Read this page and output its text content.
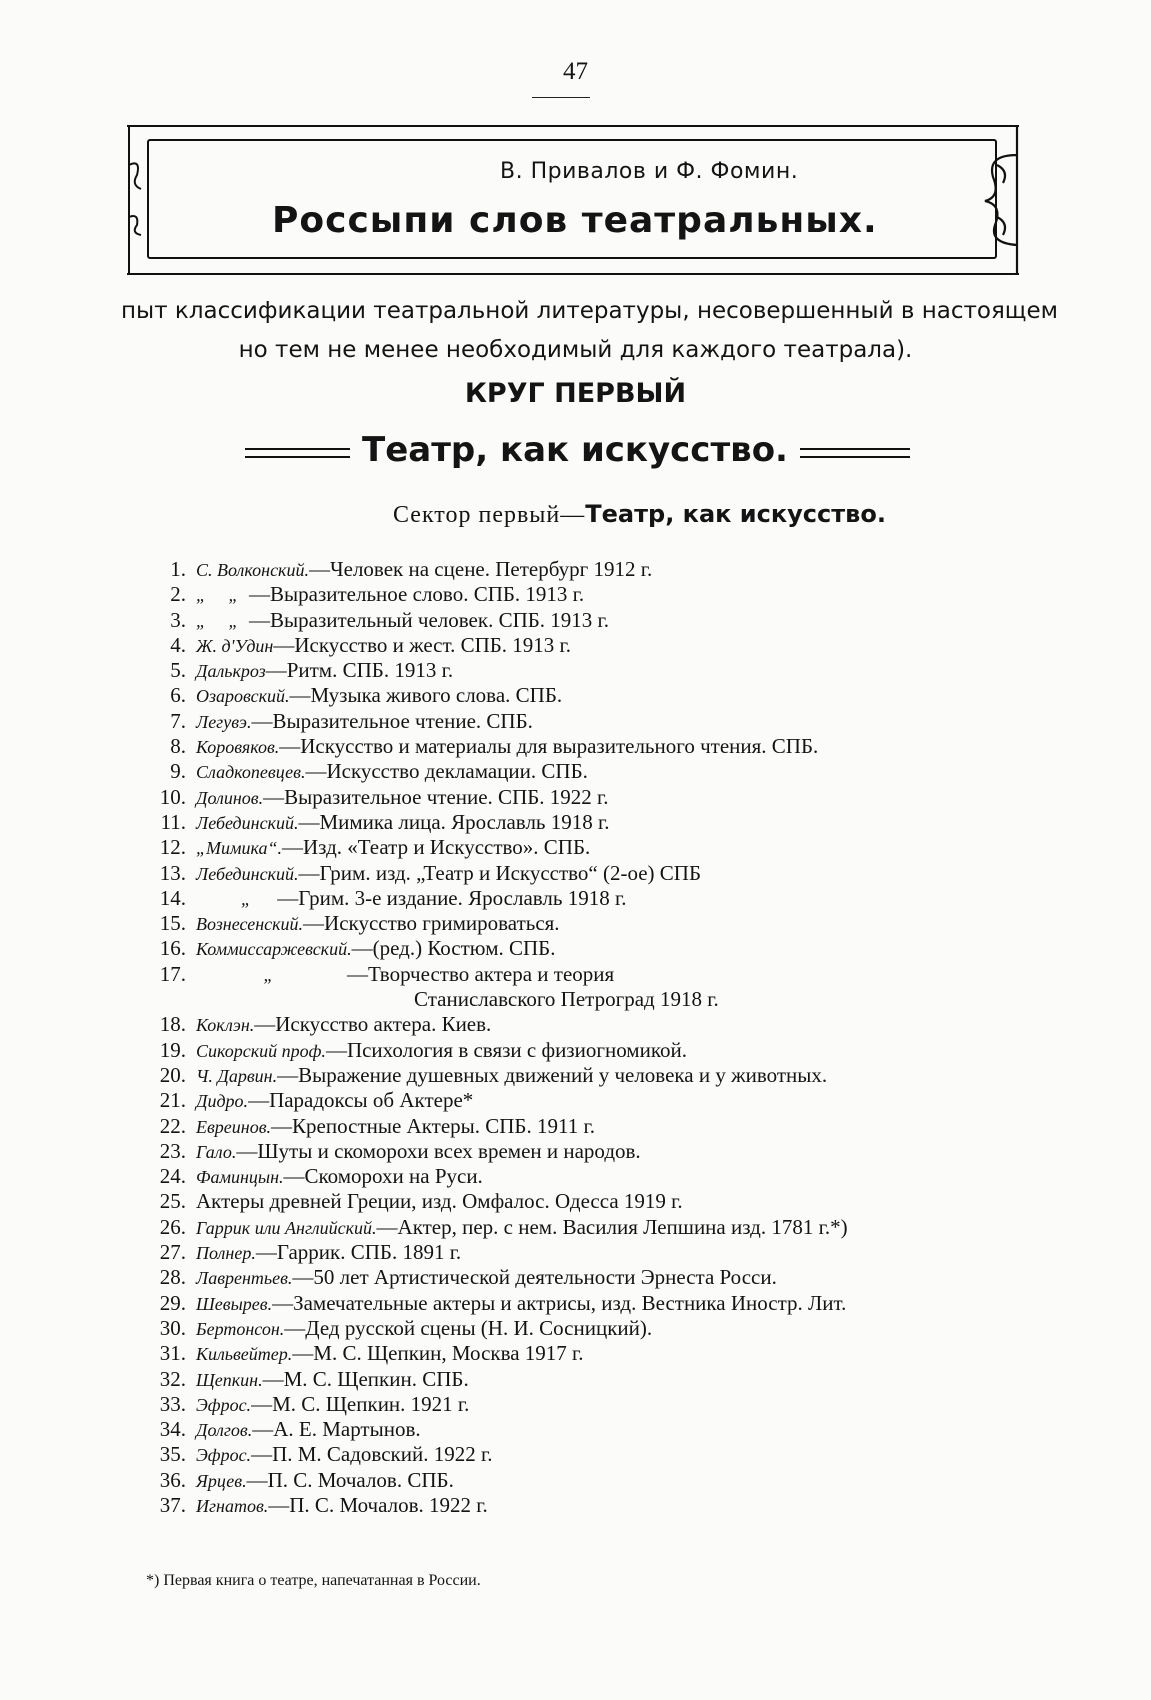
47
В. Привалов и Ф. Фомин.
Россыпи слов театральных.
пыт классификации театральной литературы, несовершенный в настоящем
но тем не менее необходимый для каждого театрала).
КРУГ ПЕРВЫЙ
Театр, как искусство.
Сектор первый—Театр, как искусство.
1. С. Волконский.—Человек на сцене. Петербург 1912 г.
2. „     „  —Выразительное слово. СПБ. 1913 г.
3. „     „  —Выразительный человек. СПБ. 1913 г.
4. Ж. д'Удин—Искусство и жест. СПБ. 1913 г.
5. Далькроз—Ритм. СПБ. 1913 г.
6. Озаровский.—Музыка живого слова. СПБ.
7. Легувэ.—Выразительное чтение. СПБ.
8. Коровяков.—Искусство и материалы для выразительного чтения. СПБ.
9. Сладкопевцев.—Искусство декламации. СПБ.
10. Долинов.—Выразительное чтение. СПБ. 1922 г.
11. Лебединский.—Мимика лица. Ярославль 1918 г.
12. „Мимика“.—Изд. «Театр и Искусство». СПБ.
13. Лебединский.—Грим. изд. „Театр и Искусство“ (2-ое) СПБ
14. „     —Грим. 3-е издание. Ярославль 1918 г.
15. Вознесенский.—Искусство гримироваться.
16. Коммиссаржевский.—(ред.) Костюм. СПБ.
17. „              —Творчество актера и теория
Станиславского Петроград 1918 г.
18. Коклэн.—Искусство актера. Киев.
19. Сикорский проф.—Психология в связи с физиогномикой.
20. Ч. Дарвин.—Выражение душевных движений у человека и у животных.
21. Дидро.—Парадоксы об Актере*
22. Евреинов.—Крепостные Актеры. СПБ. 1911 г.
23. Гало.—Шуты и скоморохи всех времен и народов.
24. Фаминцын.—Скоморохи на Руси.
25. Актеры древней Греции, изд. Омфалос. Одесса 1919 г.
26. Гаррик или Английский.—Актер, пер. с нем. Василия Лепшина изд. 1781 г.*)
27. Полнер.—Гаррик. СПБ. 1891 г.
28. Лаврентьев.—50 лет Артистической деятельности Эрнеста Росси.
29. Шевырев.—Замечательные актеры и актрисы, изд. Вестника Иностр. Лит.
30. Бертонсон.—Дед русской сцены (Н. И. Сосницкий).
31. Кильвейтер.—М. С. Щепкин, Москва 1917 г.
32. Щепкин.—М. С. Щепкин. СПБ.
33. Эфрос.—М. С. Щепкин. 1921 г.
34. Долгов.—А. Е. Мартынов.
35. Эфрос.—П. М. Садовский. 1922 г.
36. Ярцев.—П. С. Мочалов. СПБ.
37. Игнатов.—П. С. Мочалов. 1922 г.
*) Первая книга о театре, напечатанная в России.
